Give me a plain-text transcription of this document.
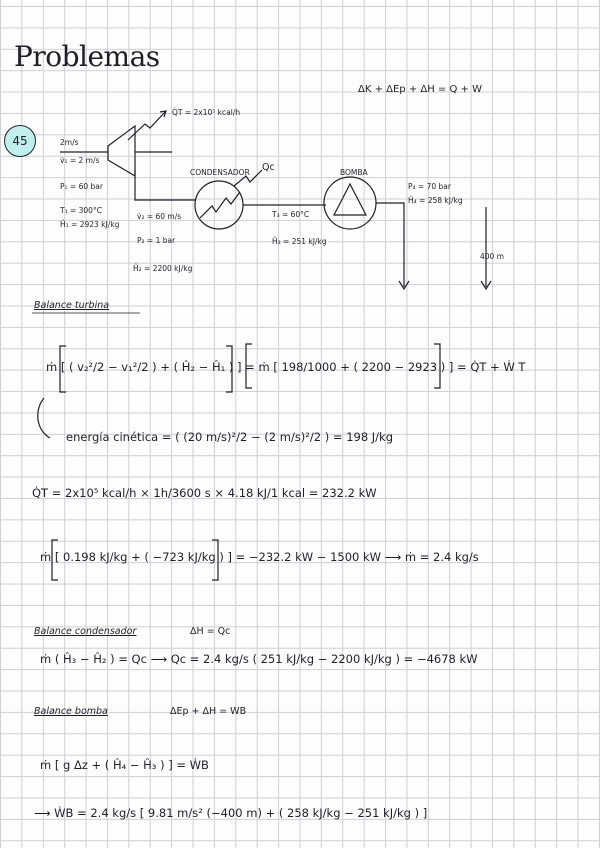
Problemas
ΔK + ΔEp + ΔH = Q + W
45
Q̇T = 2x10⁵ kcal/h
2m/s
v̇₁ = 2 m/s
P₁ = 60 bar
T₁ = 300°C
Ĥ₁ = 2923 kJ/kg
v̇₂ = 60 m/s
P₂ = 1 bar
Ĥ₂ = 2200 kJ/kg
CONDENSADOR Qc
T₃ = 60°C
Ĥ₃ = 251 kJ/kg
BOMBA
P₄ = 70 bar
Ĥ₄ = 258 kJ/kg
400 m
Balance turbina
ṁ [ ( v₂²/2 − v₁²/2 ) + ( Ĥ₂ − Ĥ₁ ) ] = ṁ [ 198/1000 + ( 2200 − 2923 ) ] = Q̇T + Ẇ T
energía cinética = ( (20 m/s)²/2 − (2 m/s)²/2 ) = 198 J/kg
Q̇T = 2x10⁵ kcal/h × 1h/3600 s × 4.18 kJ/1 kcal = 232.2 kW
ṁ [ 0.198 kJ/kg + ( −723 kJ/kg ) ] = −232.2 kW − 1500 kW ⟶ ṁ = 2.4 kg/s
Balance condensador	ΔH = Qc
ṁ ( Ĥ₃ − Ĥ₂ ) = Qc ⟶ Qc = 2.4 kg/s ( 251 kJ/kg − 2200 kJ/kg ) = −4678 kW
Balance bomba	ΔEp + ΔH = WB
ṁ [ g Δz + ( Ĥ₄ − Ĥ₃ ) ] = ẆB
⟶ ẆB = 2.4 kg/s [ 9.81 m/s² (−400 m) + ( 258 kJ/kg − 251 kJ/kg ) ]
